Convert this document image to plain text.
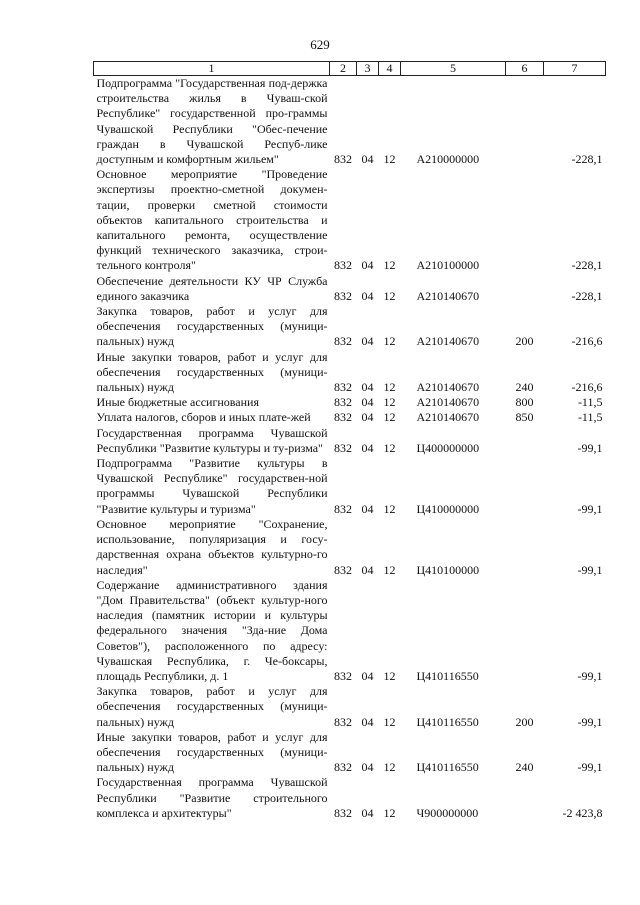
629
1	2	3	4	5	6	7
Подпрограмма "Государственная под-держка строительства жилья в Чуваш-ской Республике" государственной про-граммы Чувашской Республики "Обес-печение граждан в Чувашской Респуб-лике доступным и комфортным жильем"	832	04	12	А210000000		-228,1
Основное мероприятие "Проведение экспертизы проектно-сметной докумен-тации, проверки сметной стоимости объектов капитального строительства и капитального ремонта, осуществление функций технического заказчика, строи-тельного контроля"	832	04	12	А210100000		-228,1
Обеспечение деятельности КУ ЧР Служба единого заказчика	832	04	12	А210140670		-228,1
Закупка товаров, работ и услуг для обеспечения государственных (муници-пальных) нужд	832	04	12	А210140670	200	-216,6
Иные закупки товаров, работ и услуг для обеспечения государственных (муници-пальных) нужд	832	04	12	А210140670	240	-216,6
Иные бюджетные ассигнования	832	04	12	А210140670	800	-11,5
Уплата налогов, сборов и иных плате-жей	832	04	12	А210140670	850	-11,5
Государственная программа Чувашской Республики "Развитие культуры и ту-ризма"	832	04	12	Ц400000000		-99,1
Подпрограмма "Развитие культуры в Чувашской Республике" государствен-ной программы Чувашской Республики "Развитие культуры и туризма"	832	04	12	Ц410000000		-99,1
Основное мероприятие "Сохранение, использование, популяризация и госу-дарственная охрана объектов культурно-го наследия"	832	04	12	Ц410100000		-99,1
Содержание административного здания "Дом Правительства" (объект культур-ного наследия (памятник истории и культуры федерального значения "Зда-ние Дома Советов"), расположенного по адресу: Чувашская Республика, г. Че-боксары, площадь Республики, д. 1	832	04	12	Ц410116550		-99,1
Закупка товаров, работ и услуг для обеспечения государственных (муници-пальных) нужд	832	04	12	Ц410116550	200	-99,1
Иные закупки товаров, работ и услуг для обеспечения государственных (муници-пальных) нужд	832	04	12	Ц410116550	240	-99,1
Государственная программа Чувашской Республики "Развитие строительного комплекса и архитектуры"	832	04	12	Ч900000000		-2 423,8
